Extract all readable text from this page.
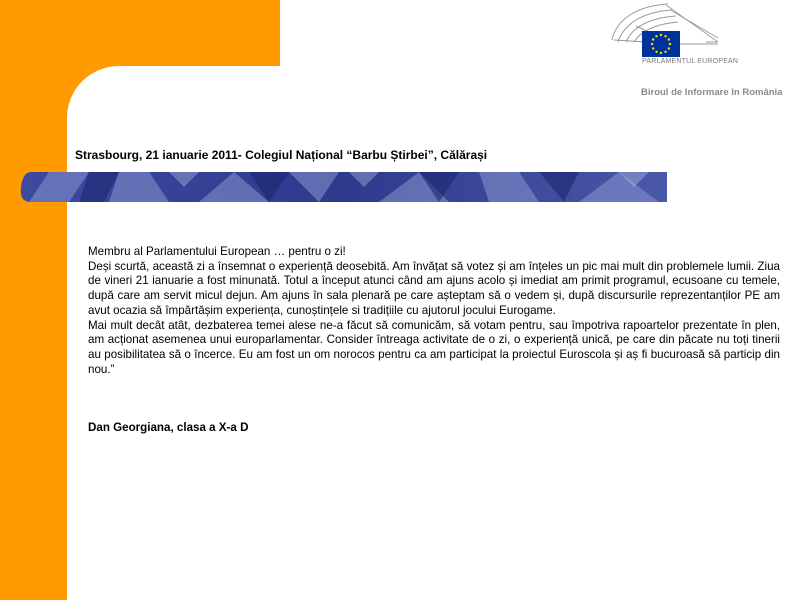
PARLAMENTUL EUROPEAN
Biroul de Informare în România
Strasbourg, 21 ianuarie 2011- Colegiul Național “Barbu Știrbei”, Călărași

Membru al Parlamentului European … pentru o zi!

Deși scurtă, această zi a însemnat o experiență deosebită. Am învățat să votez și am înțeles un pic mai mult din problemele lumii. Ziua de vineri 21 ianuarie a fost minunată. Totul a început atunci când am ajuns acolo și imediat am primit programul, ecusoane cu temele, după care am servit micul dejun. Am ajuns în sala plenară pe care așteptam să o vedem și, după discursurile reprezentanților PE am avut ocazia să împărtășim experiența, cunoștințele si tradițiile cu ajutorul jocului Eurogame.

Mai mult decât atât, dezbaterea temei alese ne-a făcut să comunicăm, să votam pentru, sau împotriva rapoartelor prezentate în plen, am acționat asemenea unui europarlamentar. Consider întreaga activitate de o zi, o experiență unică, pe care din păcate nu toți tinerii au posibilitatea să o încerce. Eu am fost un om norocos pentru ca am participat la proiectul Euroscola și aș fi bucuroasă să particip din nou.”

Dan Georgiana, clasa a X-a D
